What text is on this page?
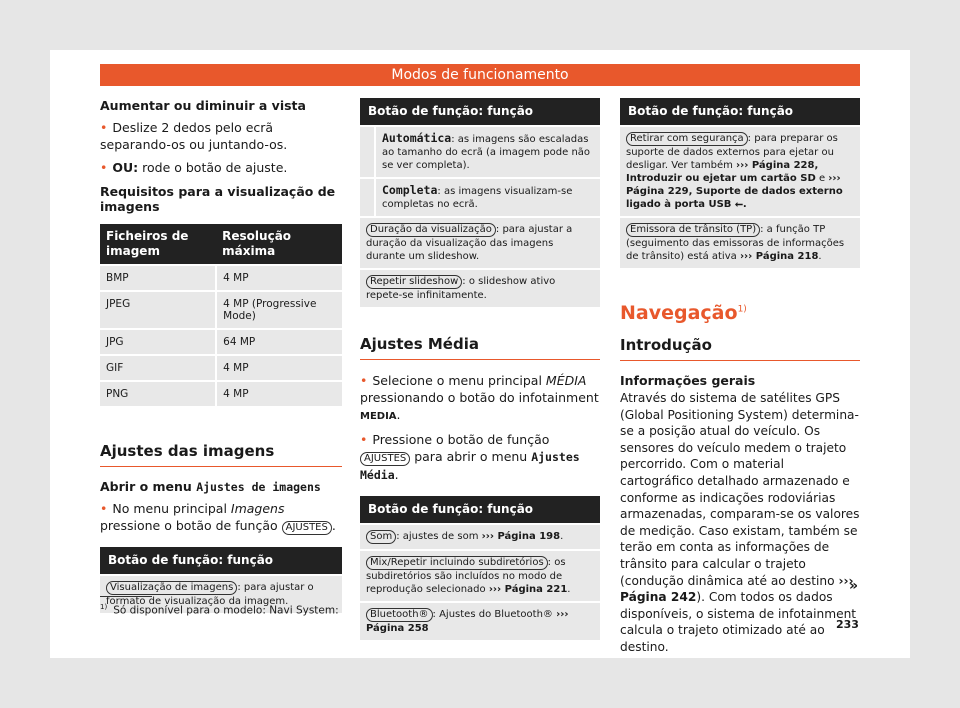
Modos de funcionamento
Aumentar ou diminuir a vista

• Deslize 2 dedos pelo ecrã separando-os ou juntando-os.

• OU: rode o botão de ajuste.

Requisitos para a visualização de imagens
Ficheiros de imagem	Resolução máxima
BMP	4 MP
JPEG	4 MP (Progressive Mode)
JPG	64 MP
GIF	4 MP
PNG	4 MP
Ajustes das imagens
Abrir o menu Ajustes de imagens

• No menu principal Imagens pressione o botão de função AJUSTES .

Botão de função: função
Visualização de imagens : para ajustar o formato de visualização da imagem.
Botão de função: função	
	Automática: as imagens são escaladas ao tamanho do ecrã (a imagem pode não se ver completa).
	Completa: as imagens visualizam-se completas no ecrã.
Duração da visualização : para ajustar a duração da visualização das imagens durante um slideshow.	
Repetir slideshow : o slideshow ativo repete-se infinitamente.	
Ajustes Média

• Selecione o menu principal MÉDIA pressionando o botão do infotainment MEDIA.

• Pressione o botão de função AJUSTES para abrir o menu Ajustes Média.

Botão de função: função
Som : ajustes de som ››› Página 198.
Mix/Repetir incluindo subdiretórios : os subdiretórios são incluídos no modo de reprodução selecionado ››› Página 221.
Bluetooth® : Ajustes do Bluetooth® ››› Página 258
Botão de função: função
Retirar com segurança : para preparar os suporte de dados externos para ejetar ou desligar. Ver também ››› Página 228, Introduzir ou ejetar um cartão SD e ››› Página 229, Suporte de dados externo ligado à porta USB ⭠.
Emissora de trânsito (TP) : a função TP (seguimento das emissoras de informações de trânsito) está ativa ››› Página 218.
Navegação$^{1)}$
Introdução
Informações gerais

Através do sistema de satélites GPS (Global Positioning System) determina-se a posição atual do veículo. Os sensores do veículo medem o trajeto percorrido. Com o material cartográfico detalhado armazenado e conforme as indicações rodoviárias armazenadas, comparam-se os valores de medição. Caso existam, também se terão em conta as informações de trânsito para calcular o trajeto (condução dinâmica até ao destino ››› Página 242). Com todos os dados disponíveis, o sistema de infotainment calcula o trajeto otimizado até ao destino.

»
$^{1)}$ Só disponível para o modelo: Navi System:
233
